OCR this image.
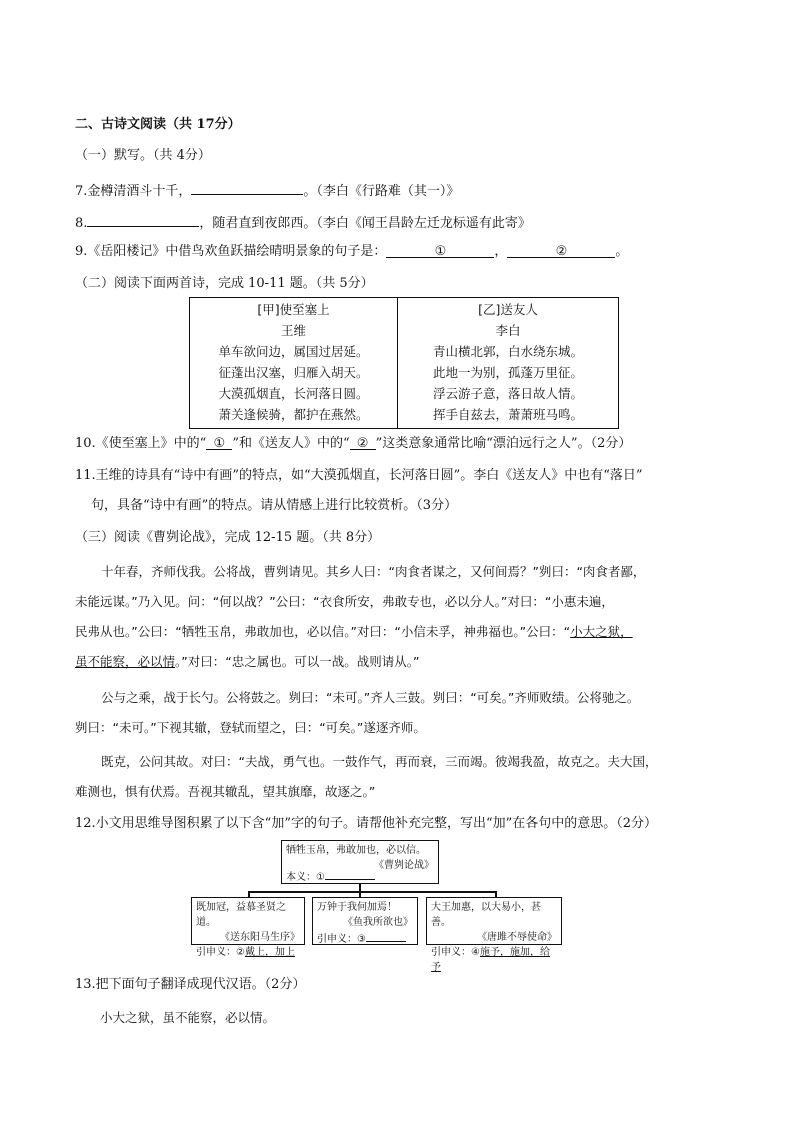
二、古诗文阅读（共 17分）
（一）默写。（共 4分）
7.金樽清酒斗十千，	。（李白《行路难（其一）》
8.	，随君直到夜郎西。（李白《闻王昌龄左迁龙标遥有此寄》
9.《岳阳楼记》中借鸟欢鱼跃描绘晴明景象的句子是：	①	，	②	。
（二）阅读下面两首诗，完成 10-11 题。（共 5分）
[甲]使至塞上
王维
单车欲问边，属国过居延。
征蓬出汉塞，归雁入胡天。
大漠孤烟直，长河落日圆。
萧关逢候骑，都护在燕然。
[乙]送友人
李白
青山横北郭，白水绕东城。
此地一为别，孤蓬万里征。
浮云游子意，落日故人情。
挥手自兹去，萧萧班马鸣。
10.《使至塞上》中的“ ① ”和《送友人》中的“ ② ”这类意象通常比喻“漂泊远行之人”。（2分）
11.王维的诗具有“诗中有画”的特点，如“大漠孤烟直，长河落日圆”。李白《送友人》中也有“落日”
句，具备“诗中有画”的特点。请从情感上进行比较赏析。（3分）
（三）阅读《曹刿论战》，完成 12-15 题。（共 8分）
十年春，齐师伐我。公将战，曹刿请见。其乡人曰：“肉食者谋之，又何间焉？”刿曰：“肉食者鄙，
未能远谋。”乃入见。问：“何以战？”公曰：“衣食所安，弗敢专也，必以分人。”对曰：“小惠未遍，
民弗从也。”公曰：“牺牲玉帛，弗敢加也，必以信。”对曰：“小信未孚，神弗福也。”公曰：“小大之狱，
虽不能察，必以情。”对曰：“忠之属也。可以一战。战则请从。”
公与之乘，战于长勺。公将鼓之。刿曰：“未可。”齐人三鼓。刿曰：“可矣。”齐师败绩。公将驰之。
刿曰：“未可。”下视其辙，登轼而望之，曰：“可矣。”遂逐齐师。
既克，公问其故。对曰：“夫战，勇气也。一鼓作气，再而衰，三而竭。彼竭我盈，故克之。夫大国，
难测也，惧有伏焉。吾视其辙乱，望其旗靡，故逐之。”
12.小文用思维导图积累了以下含“加”字的句子。请帮他补充完整，写出“加”在各句中的意思。（2分）
牺牲玉帛，弗敢加也，必以信。
《曹刿论战》
本义：①
既加冠，益慕圣贤之道。
《送东阳马生序》
引申义：②戴上，加上
万钟于我何加焉！
《鱼我所欲也》
引申义：③
大王加惠，以大易小，甚善。
《唐雎不辱使命》
引申义：④施予，施加，给予
13.把下面句子翻译成现代汉语。（2分）
小大之狱，虽不能察，必以情。
